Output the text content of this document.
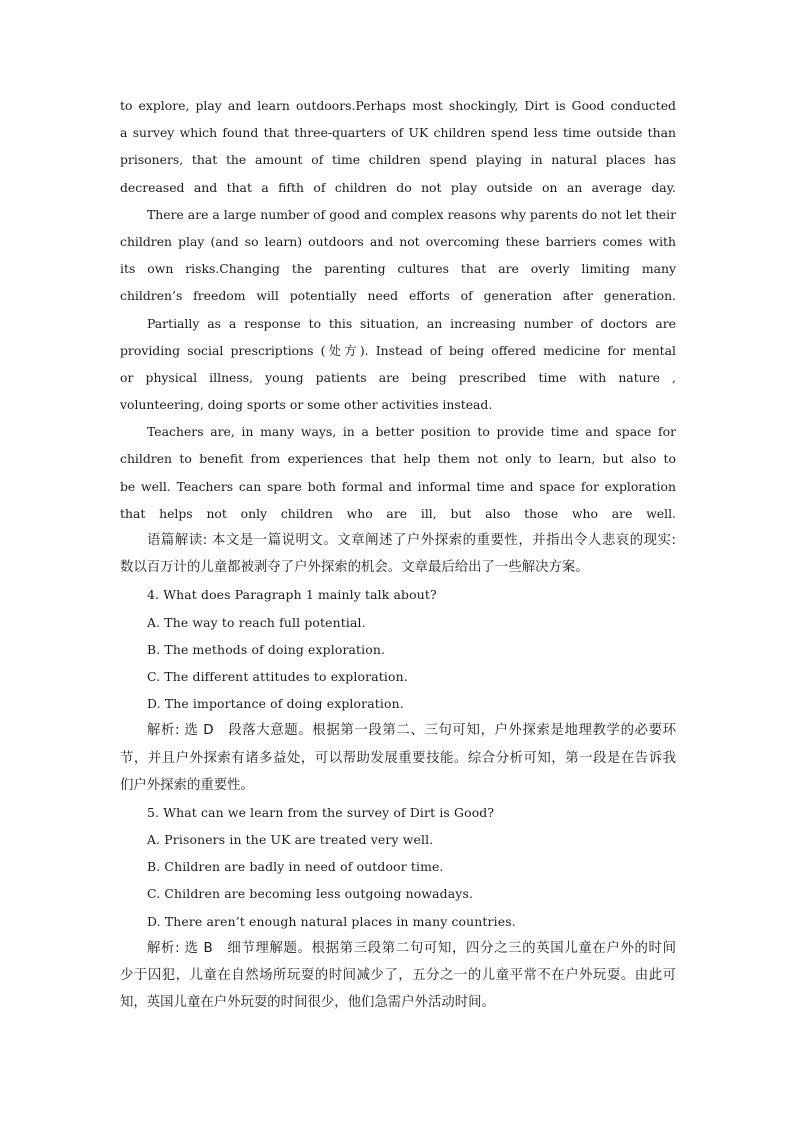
to explore, play and learn outdoors.Perhaps most shockingly, Dirt is Good conducted
a survey which found that three-quarters of UK children spend less time outside than
prisoners, that the amount of time children spend playing in natural places has
decreased and that a fifth of children do not play outside on an average day.
There are a large number of good and complex reasons why parents do not let their
children play (and so learn) outdoors and not overcoming these barriers comes with
its own risks.Changing the parenting cultures that are overly limiting many
children’s freedom will potentially need efforts of generation after generation.
Partially as a response to this situation, an increasing number of doctors are
providing social prescriptions (处方). Instead of being offered medicine for mental
or physical illness, young patients are being prescribed time with nature ,
volunteering, doing sports or some other activities instead.
Teachers are, in many ways, in a better position to provide time and space for
children to benefit from experiences that help them not only to learn, but also to
be well. Teachers can spare both formal and informal time and space for exploration
that helps not only children who are ill, but also those who are well.
语篇解读: 本文是一篇说明文。文章阐述了户外探索的重要性，并指出令人悲哀的现实:
数以百万计的儿童都被剥夺了户外探索的机会。文章最后给出了一些解决方案。
4. What does Paragraph 1 mainly talk about?
A. The way to reach full potential.
B. The methods of doing exploration.
C. The different attitudes to exploration.
D. The importance of doing exploration.
解析: 选 D　段落大意题。根据第一段第二、三句可知，户外探索是地理教学的必要环
节，并且户外探索有诸多益处，可以帮助发展重要技能。综合分析可知，第一段是在告诉我
们户外探索的重要性。
5. What can we learn from the survey of Dirt is Good?
A. Prisoners in the UK are treated very well.
B. Children are badly in need of outdoor time.
C. Children are becoming less outgoing nowadays.
D. There aren’t enough natural places in many countries.
解析: 选 B　细节理解题。根据第三段第二句可知，四分之三的英国儿童在户外的时间
少于囚犯，儿童在自然场所玩耍的时间减少了，五分之一的儿童平常不在户外玩耍。由此可
知，英国儿童在户外玩耍的时间很少，他们急需户外活动时间。
